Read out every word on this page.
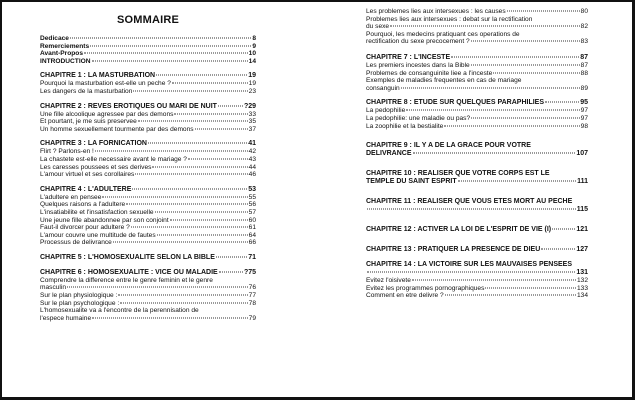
SOMMAIRE
Dedicace	8
Remerciements	9
Avant-Propos	10
INTRODUCTION	14
CHAPITRE 1 : LA MASTURBATION	19
Pourquoi la masturbation est-elle un peche ?	19
Les dangers de la masturbation	23
CHAPITRE 2 : REVES EROTIQUES OU MARI DE NUIT	?29
Une fille alcoolique agressee par des demons	33
Et pourtant, je me suis preservee	35
Un homme sexuellement tourmente par des demons	37
CHAPITRE 3 : LA FORNICATION	41
Flirt ? Parlons-en !	42
La chastete est-elle necessaire avant le mariage ?	43
Les caresses poussees et ses derives	44
L'amour virtuel et ses corollaires	46
CHAPITRE 4 : L'ADULTERE	53
L'adultere en pensee	55
Quelques raisons a l'adultere	56
L'insatiabilite et l'insatisfaction sexuelle	57
Une jeune fille abandonnee par son conjoint	60
Faut-il divorcer pour adultere ?	61
L'amour couvre une multitude de fautes	64
Processus de delivrance	66
CHAPITRE 5 : L'HOMOSEXUALITE SELON LA BIBLE	71
CHAPITRE 6 : HOMOSEXUALITE : VICE OU MALADIE	?75
Comprendre la difference entre le genre feminin et le genre
masculin	76
Sur le plan physiologique :	77
Sur le plan psychologique :	78
L'homosexualite va a l'encontre de la perennisation de
l'espece humaine	79
Les problemes lies aux intersexues : les causes	80
Problemes lies aux intersexues : debat sur la rectification
du sexe	82
Pourquoi, les medecins pratiquant ces operations de
rectification du sexe precocement ?	83
CHAPITRE 7 : L'INCESTE	87
Les premiers incestes dans la Bible	87
Problemes de consanguinite liee a l'inceste	88
Exemples de maladies frequentes en cas de mariage
consanguin	89
CHAPITRE 8 : ETUDE SUR QUELQUES PARAPHILIES	95
La pedophilie	97
La pedophilie: une maladie ou pas?	97
La zoophilie et la bestialite	98
CHAPITRE 9 : IL Y A DE LA GRACE POUR VOTRE
DELIVRANCE	107
CHAPITRE 10 : REALISER QUE VOTRE CORPS EST LE
TEMPLE DU SAINT ESPRIT	111
CHAPITRE 11 : REALISER QUE VOUS ETES MORT AU PECHE
115
CHAPITRE 12 : ACTIVER LA LOI DE L'ESPRIT DE VIE (I)	121
CHAPITRE 13 : PRATIQUER LA PRESENCE DE DIEU	127
CHAPITRE 14 : LA VICTOIRE SUR LES MAUVAISES PENSEES
131
Evitez l'oisivete	132
Evitez les programmes pornographiques	133
Comment en etre delivre ?	134
